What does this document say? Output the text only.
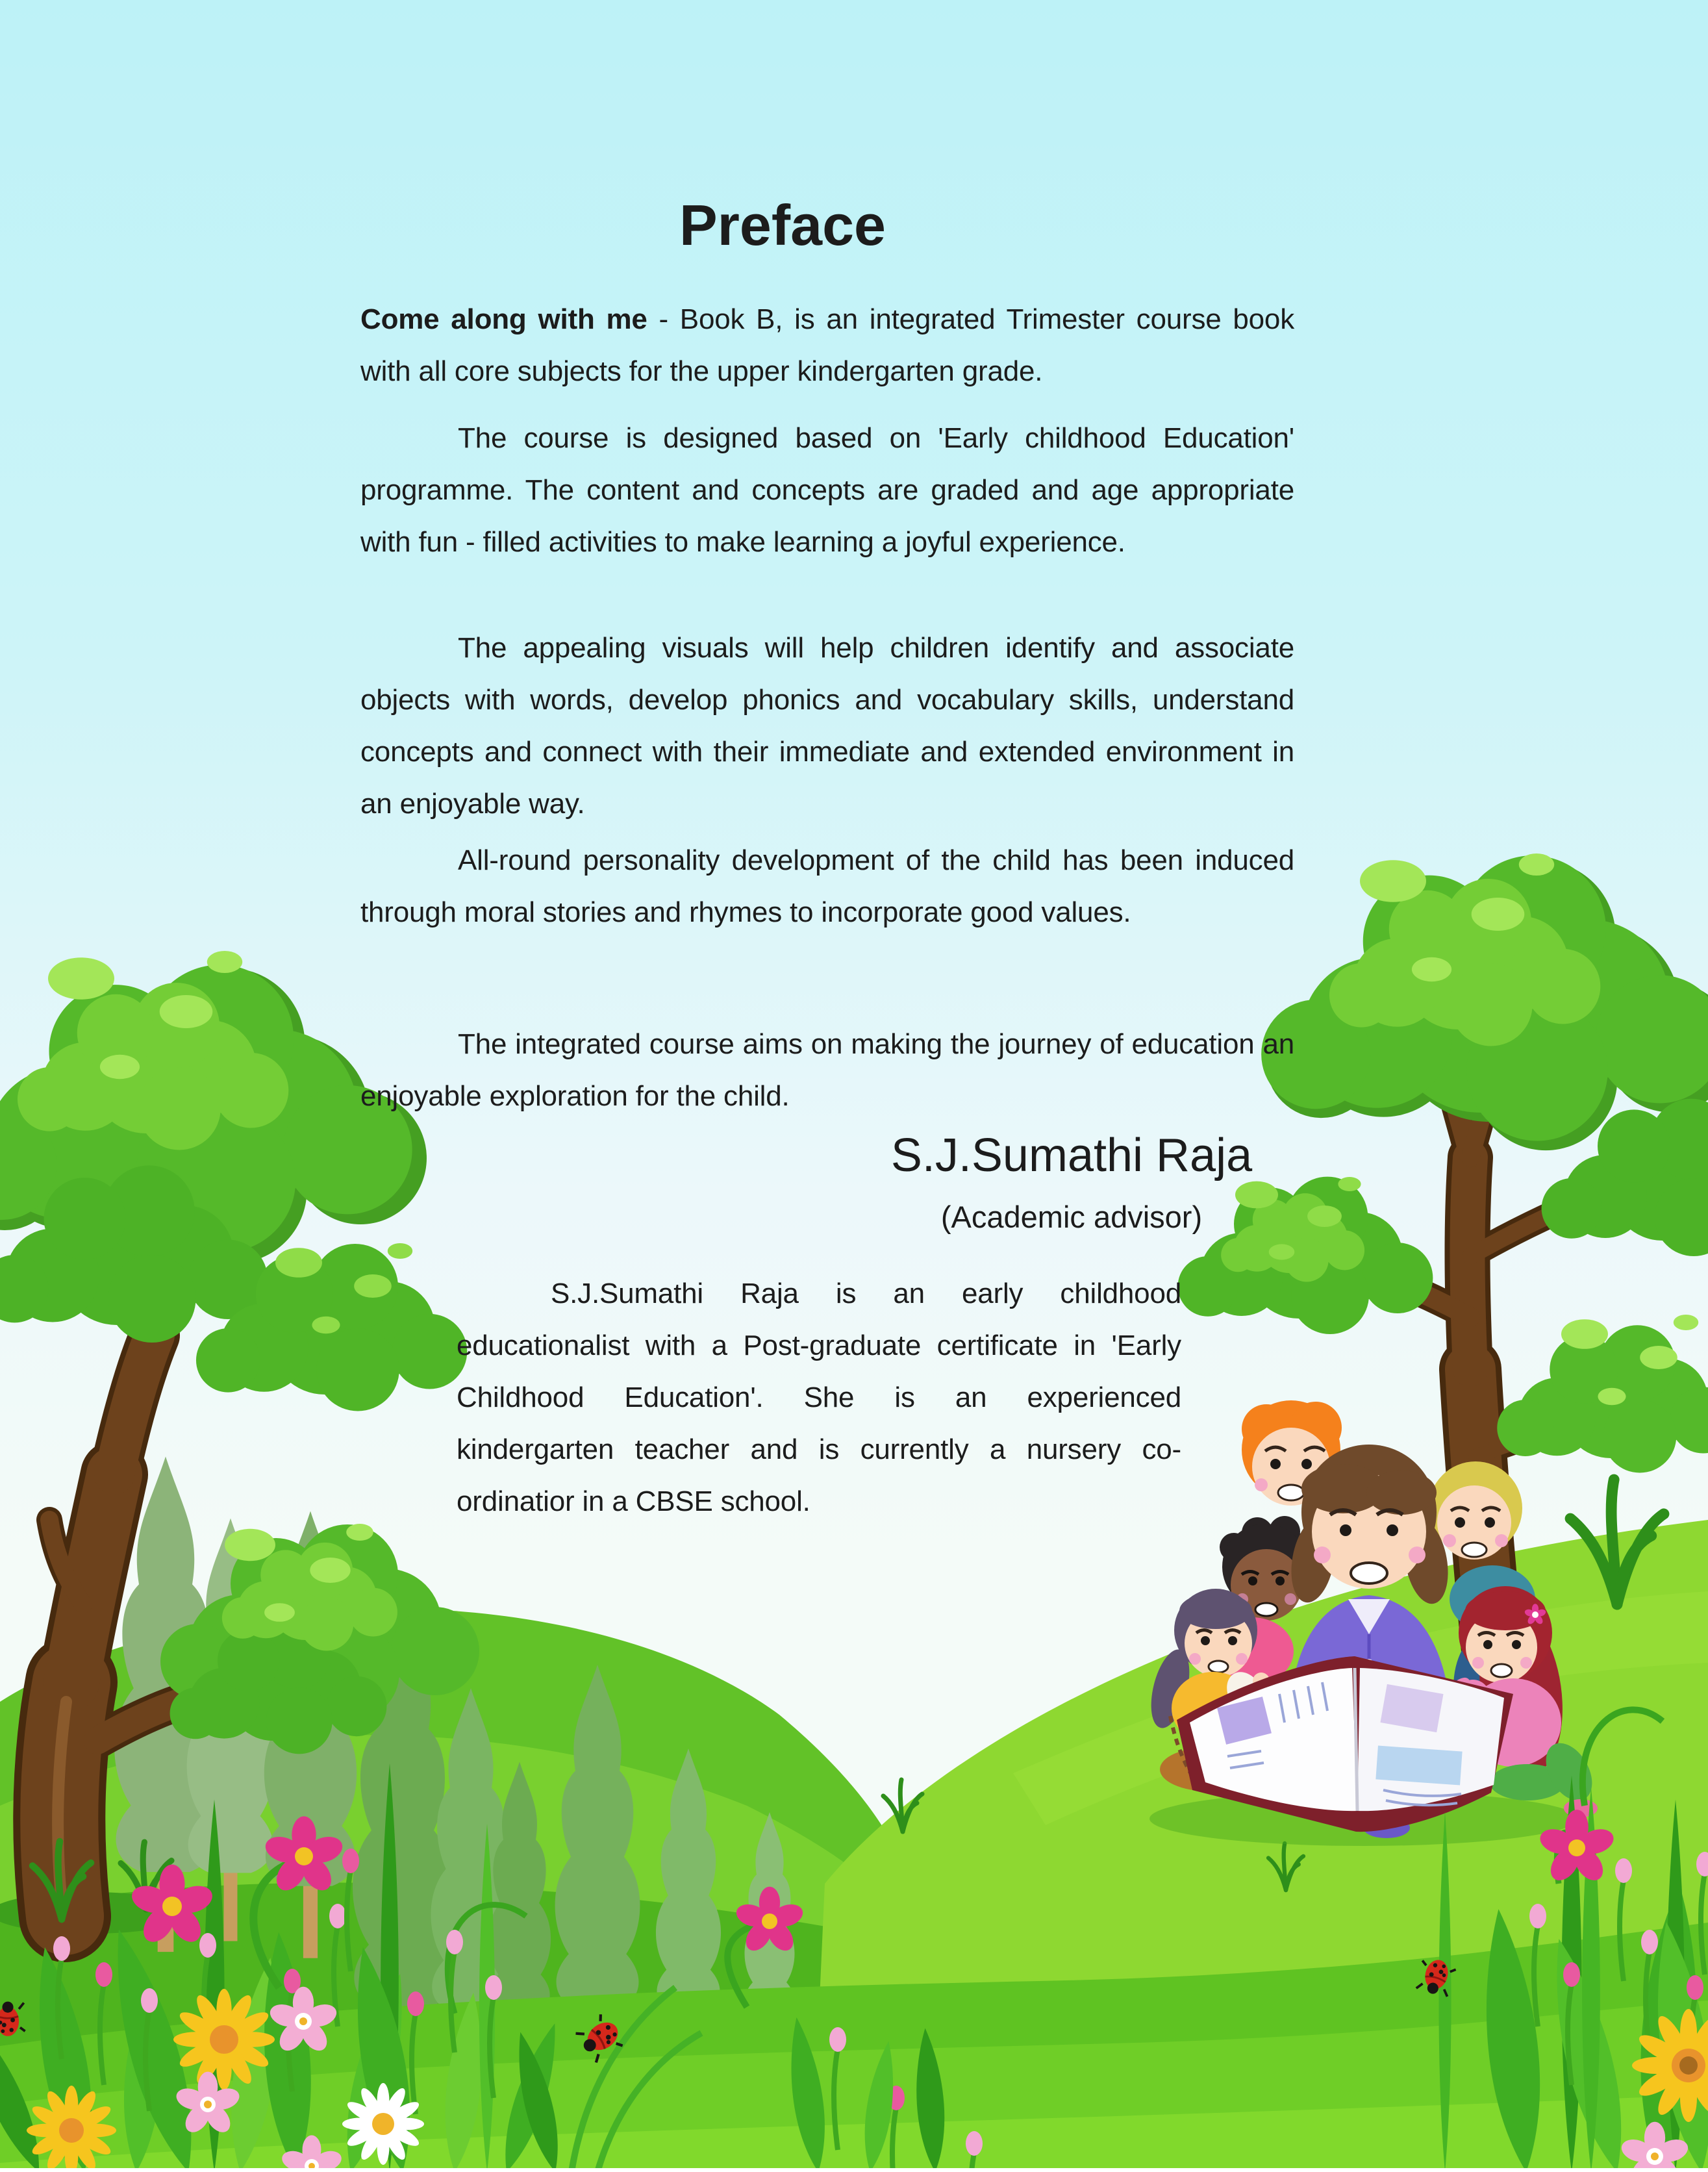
Preface

Come along with me - Book B, is an integrated Trimester course book with all core subjects for the upper kindergarten grade.

The course is designed based on 'Early childhood Education' programme. The content and concepts are graded and age appropriate with fun - filled activities to make learning a joyful experience.

The appealing visuals will help children identify and associate objects with words, develop phonics and vocabulary skills, understand concepts and connect with their immediate and extended environment in an enjoyable way.

All-round personality development of the child has been induced through moral stories and rhymes to incorporate good values.

The integrated course aims on making the journey of education an enjoyable exploration for the child.

S.J.Sumathi Raja

(Academic advisor)

S.J.Sumathi Raja is an early childhood educationalist with a Post-graduate certificate in 'Early Childhood Education'. She is an experienced kindergarten teacher and is currently a nursery co-ordinatior in a CBSE school.
